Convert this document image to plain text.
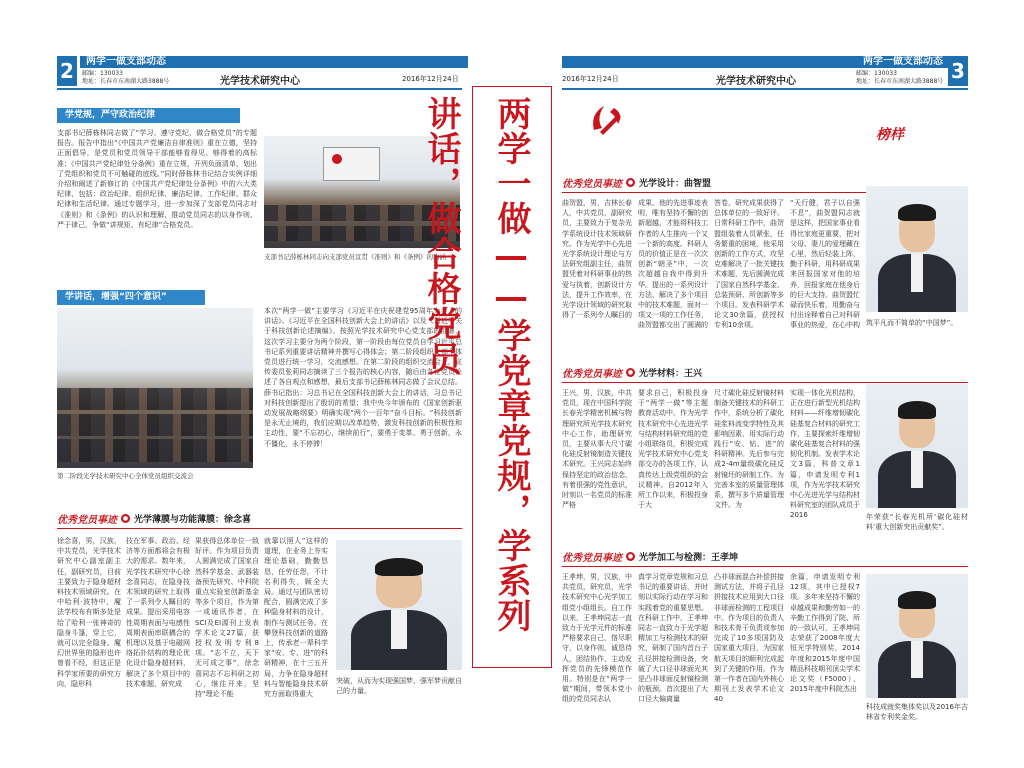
2	两学一做支部动态
邮编：130033
地址：长春市东南湖大路3888号	光学技术研究中心	2016年12月24日
学党规，严守政治纪律
支部书记薛栋林同志做了“学习、遵守党纪，做合格党员”的专题报告。报告中指出“《中国共产党廉洁自律准则》重在立德，坚持正面倡导，是党员和党员领导干部能够看得见、够得着的高标准；《中国共产党纪律处分条例》重在立规，开列负面清单，划出了党组织和党员不可触碰的底线。”同时薛栋林书记结合实例详细介绍和阐述了新修订的《中国共产党纪律处分条例》中的六大类纪律，包括：政治纪律、组织纪律、廉洁纪律、工作纪律、群众纪律和生活纪律。通过专题学习，进一步加深了支部党员同志对《准则》和《条例》的认识和理解，推动党员同志的以身作则、严于律己，争做“讲规矩、有纪律”合格党员。
支部书记薛栋林同志向支部党员宣贯《准则》和《条例》的内涵
学讲话，增强“四个意识”
第二阶段光学技术研究中心全体党员组织交流会
本次“两学一做”主要学习《习近平在庆祝建党95周年大会上的讲话》、《习近平在全国科技创新大会上的讲话》以及《习近平关于科技创新论述摘编》。按照光学技术研究中心党支部的部署，这次学习主要分为两个阶段，第一阶段由每位党员自学习近平总书记系列重要讲话精神并撰写心得体会；第二阶段组织支部全体党员进行统一学习，交流感想。在第二阶段的组织交流会上，宣传委员张莉同志摘读了三个报告的核心内容，随后由各位党员论述了各自观点和感想，最后支部书记薛栋林同志做了会议总结。薛书记指出：习总书记在全国科技创新大会上的讲话，习总书记对科技创新提出了殷切的希望；我中央今年颁布的《国家创新驱动发展战略纲要》明确实现“两个一百年”奋斗目标。“科技创新是永无止境的，我们应期以改革趋势，激发科技创新的积极性和主动性，要“不忘初心，继续前行”，要勇于变革、勇于创新，永不僵化，永不停滞！
优秀党员事迹 ● 光学薄膜与功能薄膜：徐念喜
徐念喜，男，汉族，中共党员，光学技术研究中心副室副主任，副研究员，目前主要致力于隐身超材料技术领域研究。在中哈利·波特中，魔法学校布有斯多处是给了哈利一张神奇的隐身斗篷，穿上它，就可以完全隐身。魔幻世界里的隐形也许曾看不经，但这正是科学家所要的研究方向，隐形科
技在军事、政治、经济等方面都将会有极大的需求。数年来，光学技术研究中心徐念喜同志，在隐身技术领域的研究上取得了一系列令人瞩目的成果。提出采用电容性周期表面与电感性周期表面串联耦合的机理以及基于电磁网络拓扑结构的理论优化设计隐身超材料，解决了多个项目中的技术难题，研究成
果获得总体单位一致好评。作为项目负责人圆满完成了国家自然科学基金、武器装备预先研究、中科院重点实验室创新基金等多个项目，作为第一或通讯作者，在SCI及EI源刊上发表学术论文27篇，获授权发明专利8项。“志不立，天下无可成之事”，徐念喜同志不忘科研之初心，继往开来，坚持“理论不能
就靠以照人”这样的道理，在业务上夯实理论基础，勤勤恳恳，任劳任怨，不计名利得失，顾全大局。通过与团队密切配合，圆满完成了多种隐身材料的设计，制作与测试任务。在攀登科技创新的道路上，传承老一辈科学家“安、专、进”的科研精神，在十三五开局，力争在隐身超材料与智能隐身技术研究方面取得重大
突破，从而为实现强国梦、强军梦贡献自己的力量。
两学一做——学党章党规，学系列讲话，做合格党员
两学一做支部动态 3
邮编：130033
地址：长春市东南湖大路3888号
2016年12月24日	光学技术研究中心
榜样
优秀党员事迹 ● 光学设计：曲智盟
曲贺盟，男，吉林长春人，中共党员，副研究员，主要致力于复杂光学系统设计技术领域研究。作为光学中心先进光学系统设计理论与方法研究组副主任，曲贺盟凭着对科研事业的热爱与执着，创新设计方法，提升工作效率，在光学设计领域的研究取得了一系列令人瞩目的
成果。他的先进事迹表明，唯有坚持不懈的创新超越，才能将科技工作者的人生推向一个又一个新的高度。科研人员的价值正是在一次次创新“朝圣”中，一次次超越自我中得到升华。提出的一系列设计方法，解决了多个项目中的技术难题，面对一项又一项的工作任务，曲贺盟都交出了圆满的
答卷，研究成果获得了总体单位的一致好评。日常科研工作中，曲贺盟组装着人员紧张，任务繁重的困境，他采用创新的工作方式，攻坚克难解决了一批关键技术难题，先后圆满完成了国家自然科学基金、总装预研、所创新等多个项目。发表科研学术论文30余篇，获授权专利10余项。
“天行健，君子以自强不息”，曲贺盟同志就是这样，把国家事业看得比家庭更重要，把对父母、妻儿的爱埋藏在心里，然后轻装上阵，勤于科研，用科研成果来回报国家对他的培养，回报家庭在他身后的巨大支持。曲贺盟忙碌而快乐着，用勤奋与付出诠释着自己对科研事业的热爱，在心中构 筑平凡而不简单的“中国梦”。
优秀党员事迹 ● 光学材料：王兴
王兴，男，汉族，中共党员，现在中国科学院长春光学精密机械与物理研究所光学技术研究中心工作，助理研究员，主要从事大尺寸碳化硅反射镜制造关键技术研究。王兴同志始终保持坚定的政治信念，有着很强的党性意识，时刻以一名党员的标准严格
要求自己，积极投身于“两学一做”等主题教育活动中。作为光学技术研究中心先进光学与结构材料研究组的党小组联络员，积极完成光学技术研究中心党支部交办的各项工作，认真传达上级党组织的会议精神。自2012年入所工作以来，积极投身于大
尺寸碳化硅反射镜材料制备关键技术的科研工作中，系统分析了碳化硅浆料流变学特性及其影响因素，用实际行动践行“安、钻、进”的科研精神。先后参与完成2-4m量级碳化硅反射镜坯的研制工作。为完善本室的质量管理体系，撰写多个质量管理文件。为
实现一体化光机结构，正在进行新型光机结构材料——纤维增韧碳化硅基复合材料的研究工作，主要探索纤维增韧碳化硅基复合材料的强韧化机制。发表学术论文3篇，科普文章1篇，申请发明专利1项，作为光学技术研究中心光进光学与结构材料研究室的团队成员于2016	年荣获“长春光机所‘碳化硅材料’重大创新突出贡献奖”。
优秀党员事迹 ● 光学加工与检测：王孝坤
王孝坤，男，汉族，中共党员，研究员，光学技术研究中心光学加工组党小组组长。自工作以来，王孝坤同志一直致力于光学元件的标准严格要求自己，恪尽职守，以身作则，诚恳待人，团结协作，主动发挥党员的先锋模范作用。特别是在“两学一做”期间，带领本党小组的党员同志认
真学习党章党规和习总书记的重要讲话，并时刻以实际行动在学习和实践着党的重要思想。在科研工作中，王孝坤同志一直致力于光学超精加工与检测技术的研究，研制了国内首台子孔径拼接检测设备，突破了大口径非球面光其是凸非球面反射镜检测的瓶颈。首次提出了大口径大偏离量
凸非球面混合补偿拼接测试方法，并将子孔径拼接技术应用到大口径非球面检测的工程项目中。作为项目的负责人和技术骨干负责或参加完成了10多项国防及国家重大项目，为国家航天项目的顺利完成起到了关键的作用。作为第一作者在国内外核心期刊上发表学术论文40
余篇，申请发明专利12项，其中已授权7项。多年来坚持不懈的卓越成果和勤劳如一的辛勤工作得到了院、所的一致认可，王孝坤同志荣获了2008年度大恒光学特别奖，2014年度和2015年度中国精品科技期刊顶尖学术论文奖（F5000），2015年度中科院杰出
科技成就奖集体奖以及2016年吉林省专利奖金奖。
